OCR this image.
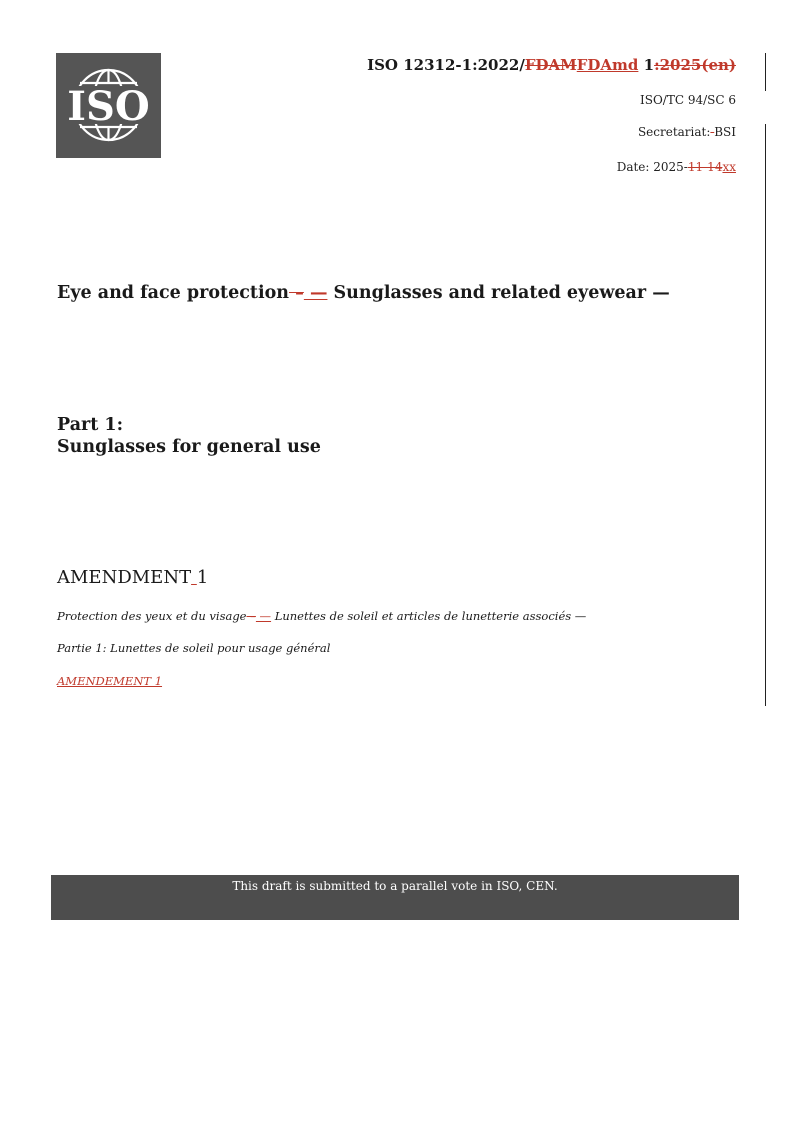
ISO
ISO 12312-1:2022/FDAMFDAmd 1:2025(en)
ISO/TC 94/SC 6
Secretariat: BSI
Date: 2025-11-14xx
Eye and face protection – — Sunglasses and related eyewear —
Part 1:
Sunglasses for general use
AMENDMENT 1
Protection des yeux et du visage – — Lunettes de soleil et articles de lunetterie associés —
Partie 1: Lunettes de soleil pour usage général
AMENDEMENT 1
This draft is submitted to a parallel vote in ISO, CEN.
